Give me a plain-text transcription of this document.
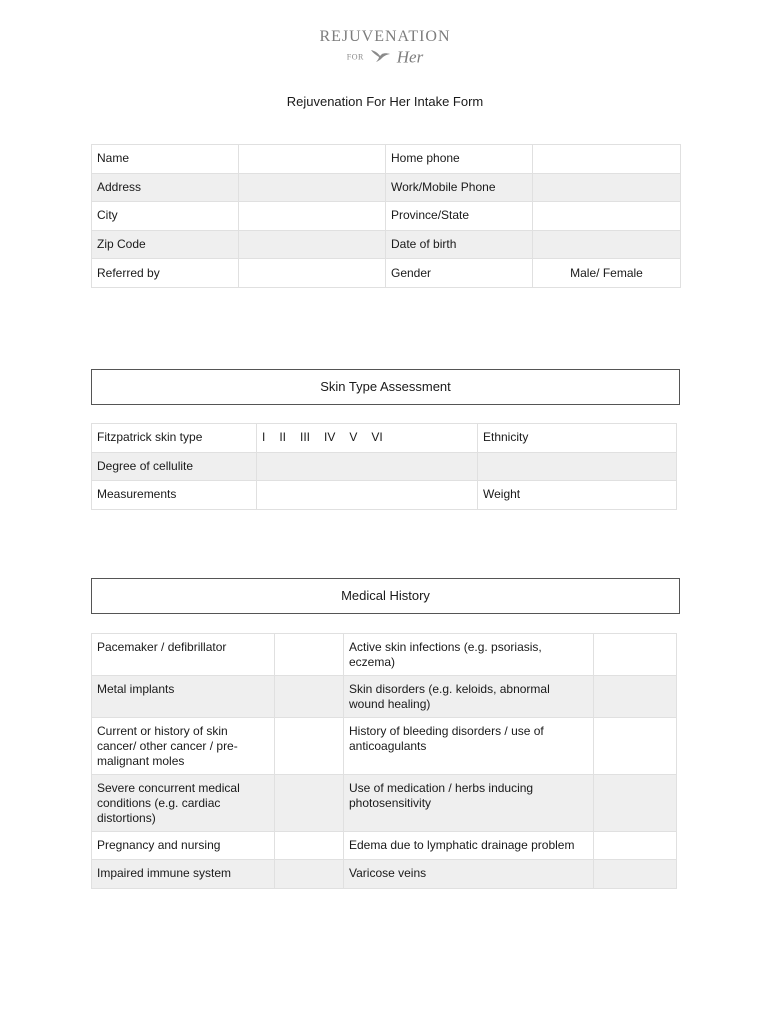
REJUVENATION
FOR Her
Rejuvenation For Her Intake Form
Name		Home phone	
Address		Work/Mobile Phone	
City		Province/State	
Zip Code		Date of birth	
Referred by		Gender	Male/ Female
Skin Type Assessment
Fitzpatrick skin type	I II III IV V VI	Ethnicity
Degree of cellulite		
Measurements		Weight
Medical History
Pacemaker / defibrillator		Active skin infections (e.g. psoriasis, eczema)	
Metal implants		Skin disorders (e.g. keloids, abnormal wound healing)	
Current or history of skin cancer/ other cancer / pre-malignant moles		History of bleeding disorders / use of anticoagulants	
Severe concurrent medical conditions (e.g. cardiac distortions)		Use of medication / herbs inducing photosensitivity	
Pregnancy and nursing		Edema due to lymphatic drainage problem	
Impaired immune system		Varicose veins	
